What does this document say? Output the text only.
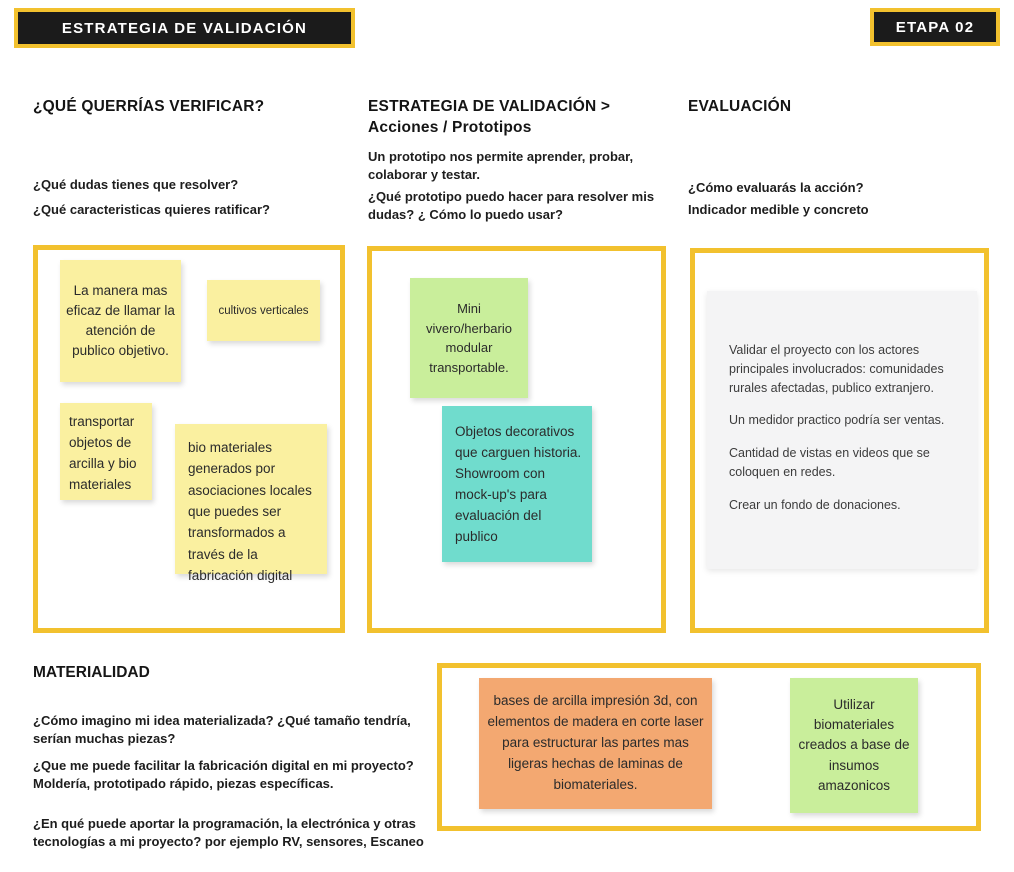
ESTRATEGIA DE VALIDACIÓN	ETAPA 02
¿QUÉ QUERRÍAS VERIFICAR?
¿Qué dudas tienes que resolver?
¿Qué caracteristicas quieres ratificar?
ESTRATEGIA DE VALIDACIÓN >
Acciones / Prototipos
Un prototipo nos permite aprender, probar, colaborar y testar.
¿Qué prototipo puedo hacer para resolver mis dudas? ¿ Cómo lo puedo usar?
EVALUACIÓN
¿Cómo evaluarás la acción?
Indicador medible y concreto
La manera mas eficaz de llamar la atención de publico objetivo.
cultivos verticales
transportar objetos de arcilla y bio materiales
bio materiales generados por asociaciones locales que puedes ser transformados a través de la fabricación digital
Mini vivero/herbario modular transportable.
Objetos decorativos que carguen historia. Showroom con mock-up's para evaluación del publico

Validar el proyecto con los actores principales involucrados: comunidades rurales afectadas, publico extranjero.

Un medidor practico podría ser ventas.

Cantidad de vistas en videos que se coloquen en redes.

Crear un fondo de donaciones.

MATERIALIDAD
¿Cómo imagino mi idea materializada? ¿Qué tamaño tendría, serían muchas piezas?
¿Que me puede facilitar la fabricación digital en mi proyecto? Moldería, prototipado rápido, piezas específicas.
¿En qué puede aportar la programación, la electrónica y otras tecnologías a mi proyecto? por ejemplo RV, sensores, Escaneo
bases de arcilla impresión 3d, con elementos de madera en corte laser para estructurar las partes mas ligeras hechas de laminas de biomateriales.
Utilizar biomateriales creados a base de insumos amazonicos
